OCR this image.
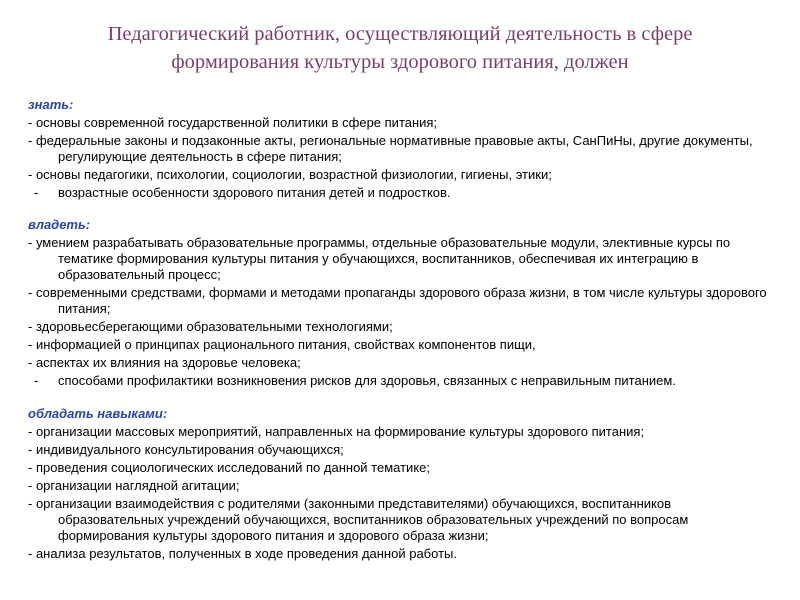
Педагогический работник, осуществляющий деятельность в сфере
формирования культуры здорового питания, должен

знать:

- основы современной государственной политики в сфере питания;
- федеральные законы и подзаконные акты, региональные нормативные правовые акты, СанПиНы, другие документы, регулирующие деятельность в сфере питания;
- основы педагогики, психологии, социологии, возрастной физиологии, гигиены, этики;
- возрастные особенности здорового питания детей и подростков.

владеть:

- умением разрабатывать образовательные программы, отдельные образовательные модули, элективные курсы по тематике формирования культуры питания у обучающихся, воспитанников, обеспечивая их интеграцию в образовательный процесс;
- современными средствами, формами и методами пропаганды здорового образа жизни, в том числе культуры здорового питания;
- здоровьесберегающими образовательными технологиями;
- информацией о принципах рационального питания, свойствах компонентов пищи,
- аспектах их влияния на здоровье человека;
- способами профилактики возникновения рисков для здоровья, связанных с неправильным питанием.

обладать навыками:

- организации массовых мероприятий, направленных на формирование культуры здорового питания;
- индивидуального консультирования обучающихся;
- проведения социологических исследований по данной тематике;
- организации наглядной агитации;
- организации взаимодействия с родителями (законными представителями) обучающихся, воспитанников образовательных учреждений обучающихся, воспитанников образовательных учреждений по вопросам формирования культуры здорового питания и здорового образа жизни;
- анализа результатов, полученных в ходе проведения данной работы.
